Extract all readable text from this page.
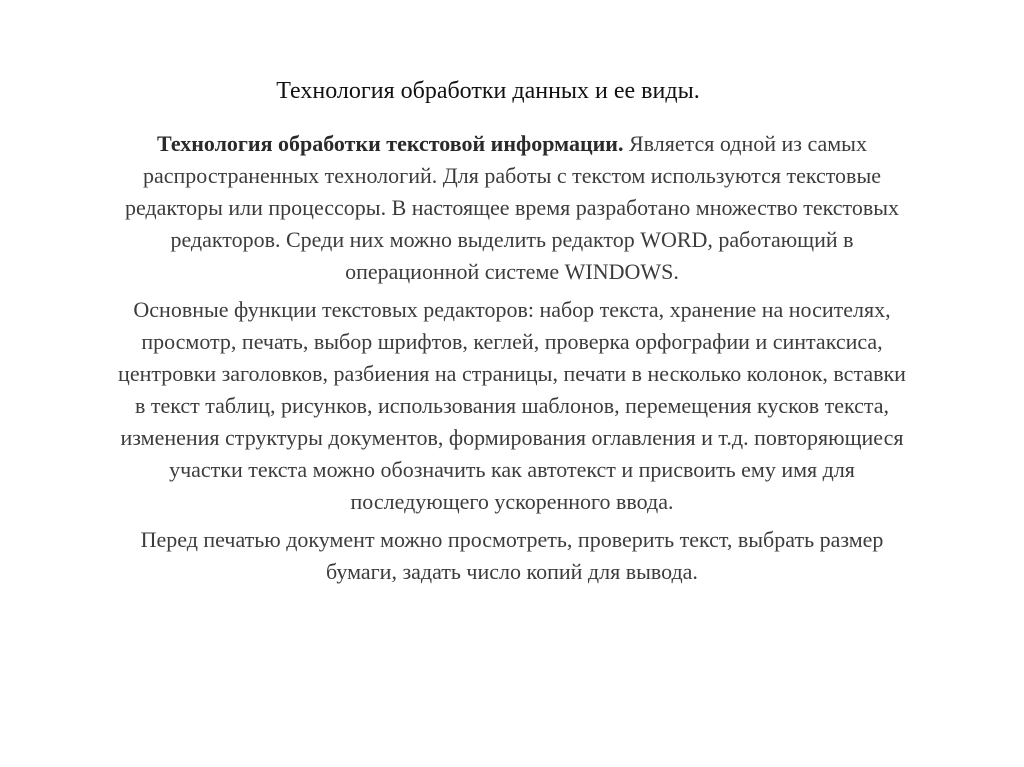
Технология обработки данных и ее виды.

Технология обработки текстовой информации. Является одной из самых распространенных технологий. Для работы с текстом используются текстовые редакторы или процессоры. В настоящее время разработано множество текстовых редакторов. Среди них можно выделить редактор WORD, работающий в операционной системе WINDOWS.

Основные функции текстовых редакторов: набор текста, хранение на носителях, просмотр, печать, выбор шрифтов, кеглей, проверка орфографии и синтаксиса, центровки заголовков, разбиения на страницы, печати в несколько колонок, вставки в текст таблиц, рисунков, использования шаблонов, перемещения кусков текста, изменения структуры документов, формирования оглавления и т.д. повторяющиеся участки текста можно обозначить как автотекст и присвоить ему имя для последующего ускоренного ввода.

Перед печатью документ можно просмотреть, проверить текст, выбрать размер бумаги, задать число копий для вывода.
